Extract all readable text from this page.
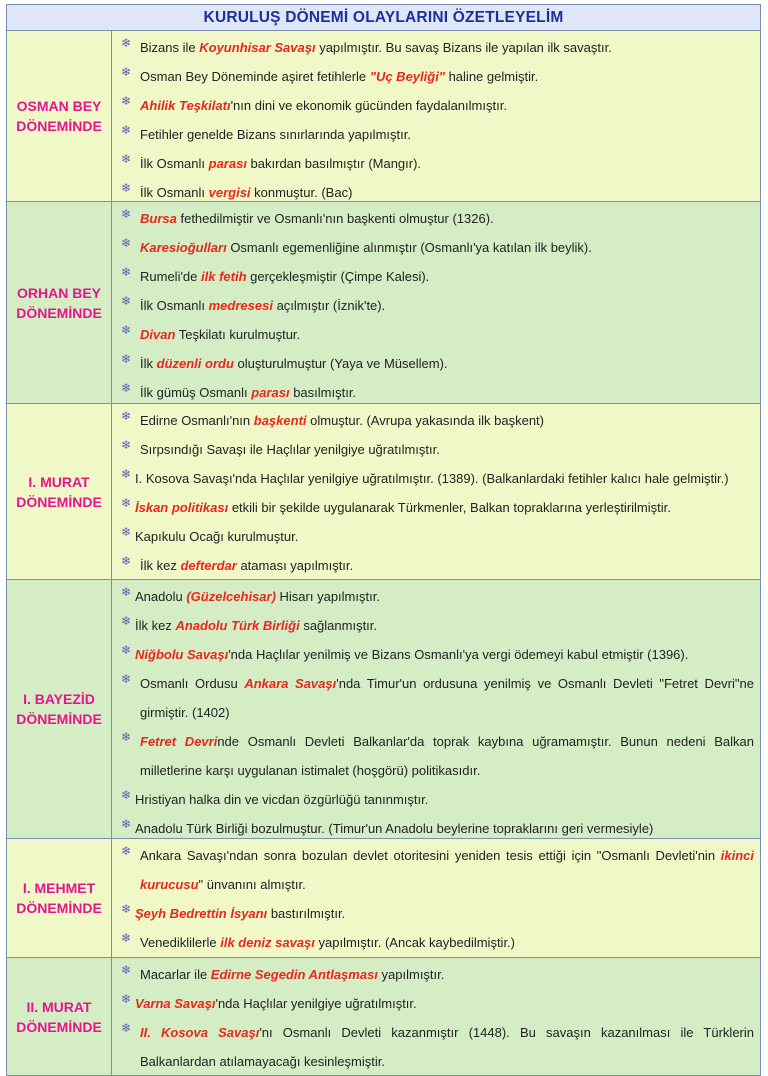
KURULUŞ DÖNEMİ OLAYLARINI ÖZETLEYELİM
OSMAN BEY
DÖNEMİNDE
❄ Bizans ile Koyunhisar Savaşı yapılmıştır. Bu savaş Bizans ile yapılan ilk savaştır.
❄ Osman Bey Döneminde aşiret fetihlerle "Uç Beyliği" haline gelmiştir.
❄ Ahilik Teşkilatı'nın dini ve ekonomik gücünden faydalanılmıştır.
❄ Fetihler genelde Bizans sınırlarında yapılmıştır.
❄ İlk Osmanlı parası bakırdan basılmıştır (Mangır).
❄ İlk Osmanlı vergisi konmuştur. (Bac)
ORHAN BEY
DÖNEMİNDE
❄ Bursa fethedilmiştir ve Osmanlı'nın başkenti olmuştur (1326).
❄ Karesioğulları Osmanlı egemenliğine alınmıştır (Osmanlı'ya katılan ilk beylik).
❄ Rumeli'de ilk fetih gerçekleşmiştir (Çimpe Kalesi).
❄ İlk Osmanlı medresesi açılmıştır (İznik'te).
❄ Divan Teşkilatı kurulmuştur.
❄ İlk düzenli ordu oluşturulmuştur (Yaya ve Müsellem).
❄ İlk gümüş Osmanlı parası basılmıştır.
I. MURAT
DÖNEMİNDE
❄ Edirne Osmanlı'nın başkenti olmuştur. (Avrupa yakasında ilk başkent)
❄ Sırpsındığı Savaşı ile Haçlılar yenilgiye uğratılmıştır.
❄ I. Kosova Savaşı'nda Haçlılar yenilgiye uğratılmıştır. (1389). (Balkanlardaki fetihler kalıcı hale gelmiştir.)
❄ İskan politikası etkili bir şekilde uygulanarak Türkmenler, Balkan topraklarına yerleştirilmiştir.
❄ Kapıkulu Ocağı kurulmuştur.
❄ İlk kez defterdar ataması yapılmıştır.
I. BAYEZİD
DÖNEMİNDE
❄ Anadolu (Güzelcehisar) Hisarı yapılmıştır.
❄ İlk kez Anadolu Türk Birliği sağlanmıştır.
❄ Niğbolu Savaşı'nda Haçlılar yenilmiş ve Bizans Osmanlı'ya vergi ödemeyi kabul etmiştir (1396).
❄ Osmanlı Ordusu Ankara Savaşı'nda Timur'un ordusuna yenilmiş ve Osmanlı Devleti "Fetret Devri"ne girmiştir. (1402)
❄ Fetret Devrinde Osmanlı Devleti Balkanlar'da toprak kaybına uğramamıştır. Bunun nedeni Balkan milletlerine karşı uygulanan istimalet (hoşgörü) politikasıdır.
❄ Hristiyan halka din ve vicdan özgürlüğü tanınmıştır.
❄ Anadolu Türk Birliği bozulmuştur. (Timur'un Anadolu beylerine topraklarını geri vermesiyle)
I. MEHMET
DÖNEMİNDE
❄ Ankara Savaşı'ndan sonra bozulan devlet otoritesini yeniden tesis ettiği için "Osmanlı Devleti'nin ikinci kurucusu" ünvanını almıştır.
❄ Şeyh Bedrettin İsyanı bastırılmıştır.
❄ Venediklilerle ilk deniz savaşı yapılmıştır. (Ancak kaybedilmiştir.)
II. MURAT
DÖNEMİNDE
❄ Macarlar ile Edirne Segedin Antlaşması yapılmıştır.
❄ Varna Savaşı'nda Haçlılar yenilgiye uğratılmıştır.
❄ II. Kosova Savaşı'nı Osmanlı Devleti kazanmıştır (1448). Bu savaşın kazanılması ile Türklerin Balkanlardan atılamayacağı kesinleşmiştir.
